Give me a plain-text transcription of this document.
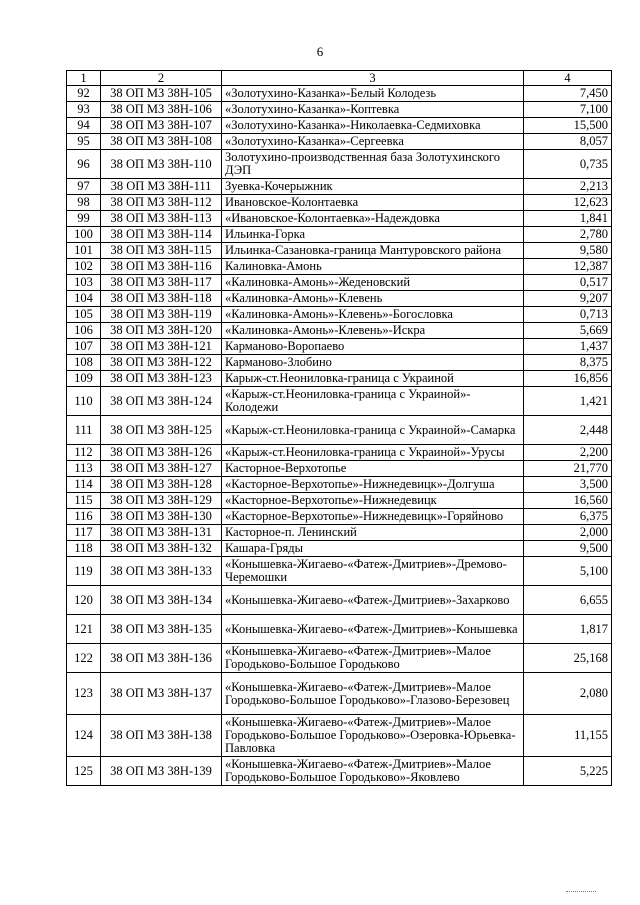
6
1	2	3	4
92	38 ОП МЗ 38Н-105	«Золотухино-Казанка»-Белый Колодезь	7,450
93	38 ОП МЗ 38Н-106	«Золотухино-Казанка»-Коптевка	7,100
94	38 ОП МЗ 38Н-107	«Золотухино-Казанка»-Николаевка-Седмиховка	15,500
95	38 ОП МЗ 38Н-108	«Золотухино-Казанка»-Сергеевка	8,057
96	38 ОП МЗ 38Н-110	Золотухино-производственная база Золотухинского ДЭП	0,735
97	38 ОП МЗ 38Н-111	Зуевка-Кочерыжник	2,213
98	38 ОП МЗ 38Н-112	Ивановское-Колонтаевка	12,623
99	38 ОП МЗ 38Н-113	«Ивановское-Колонтаевка»-Надеждовка	1,841
100	38 ОП МЗ 38Н-114	Ильинка-Горка	2,780
101	38 ОП МЗ 38Н-115	Ильинка-Сазановка-граница Мантуровского района	9,580
102	38 ОП МЗ 38Н-116	Калиновка-Амонь	12,387
103	38 ОП МЗ 38Н-117	«Калиновка-Амонь»-Жеденовский	0,517
104	38 ОП МЗ 38Н-118	«Калиновка-Амонь»-Клевень	9,207
105	38 ОП МЗ 38Н-119	«Калиновка-Амонь»-Клевень»-Богословка	0,713
106	38 ОП МЗ 38Н-120	«Калиновка-Амонь»-Клевень»-Искра	5,669
107	38 ОП МЗ 38Н-121	Карманово-Воропаево	1,437
108	38 ОП МЗ 38Н-122	Карманово-Злобино	8,375
109	38 ОП МЗ 38Н-123	Карыж-ст.Неониловка-граница с Украиной	16,856
110	38 ОП МЗ 38Н-124	«Карыж-ст.Неониловка-граница с Украиной»-Колодежи	1,421
111	38 ОП МЗ 38Н-125	«Карыж-ст.Неониловка-граница с Украиной»-Самарка	2,448
112	38 ОП МЗ 38Н-126	«Карыж-ст.Неониловка-граница с Украиной»-Урусы	2,200
113	38 ОП МЗ 38Н-127	Касторное-Верхотопье	21,770
114	38 ОП МЗ 38Н-128	«Касторное-Верхотопье»-Нижнедевицк»-Долгуша	3,500
115	38 ОП МЗ 38Н-129	«Касторное-Верхотопье»-Нижнедевицк	16,560
116	38 ОП МЗ 38Н-130	«Касторное-Верхотопье»-Нижнедевицк»-Горяйново	6,375
117	38 ОП МЗ 38Н-131	Касторное-п. Ленинский	2,000
118	38 ОП МЗ 38Н-132	Кашара-Гряды	9,500
119	38 ОП МЗ 38Н-133	«Конышевка-Жигаево-«Фатеж-Дмитриев»-Дремово-Черемошки	5,100
120	38 ОП МЗ 38Н-134	«Конышевка-Жигаево-«Фатеж-Дмитриев»-Захарково	6,655
121	38 ОП МЗ 38Н-135	«Конышевка-Жигаево-«Фатеж-Дмитриев»-Конышевка	1,817
122	38 ОП МЗ 38Н-136	«Конышевка-Жигаево-«Фатеж-Дмитриев»-Малое Городьково-Большое Городьково	25,168
123	38 ОП МЗ 38Н-137	«Конышевка-Жигаево-«Фатеж-Дмитриев»-Малое Городьково-Большое Городьково»-Глазово-Березовец	2,080
124	38 ОП МЗ 38Н-138	«Конышевка-Жигаево-«Фатеж-Дмитриев»-Малое Городьково-Большое Городьково»-Озеровка-Юрьевка-Павловка	11,155
125	38 ОП МЗ 38Н-139	«Конышевка-Жигаево-«Фатеж-Дмитриев»-Малое Городьково-Большое Городьково»-Яковлево	5,225
